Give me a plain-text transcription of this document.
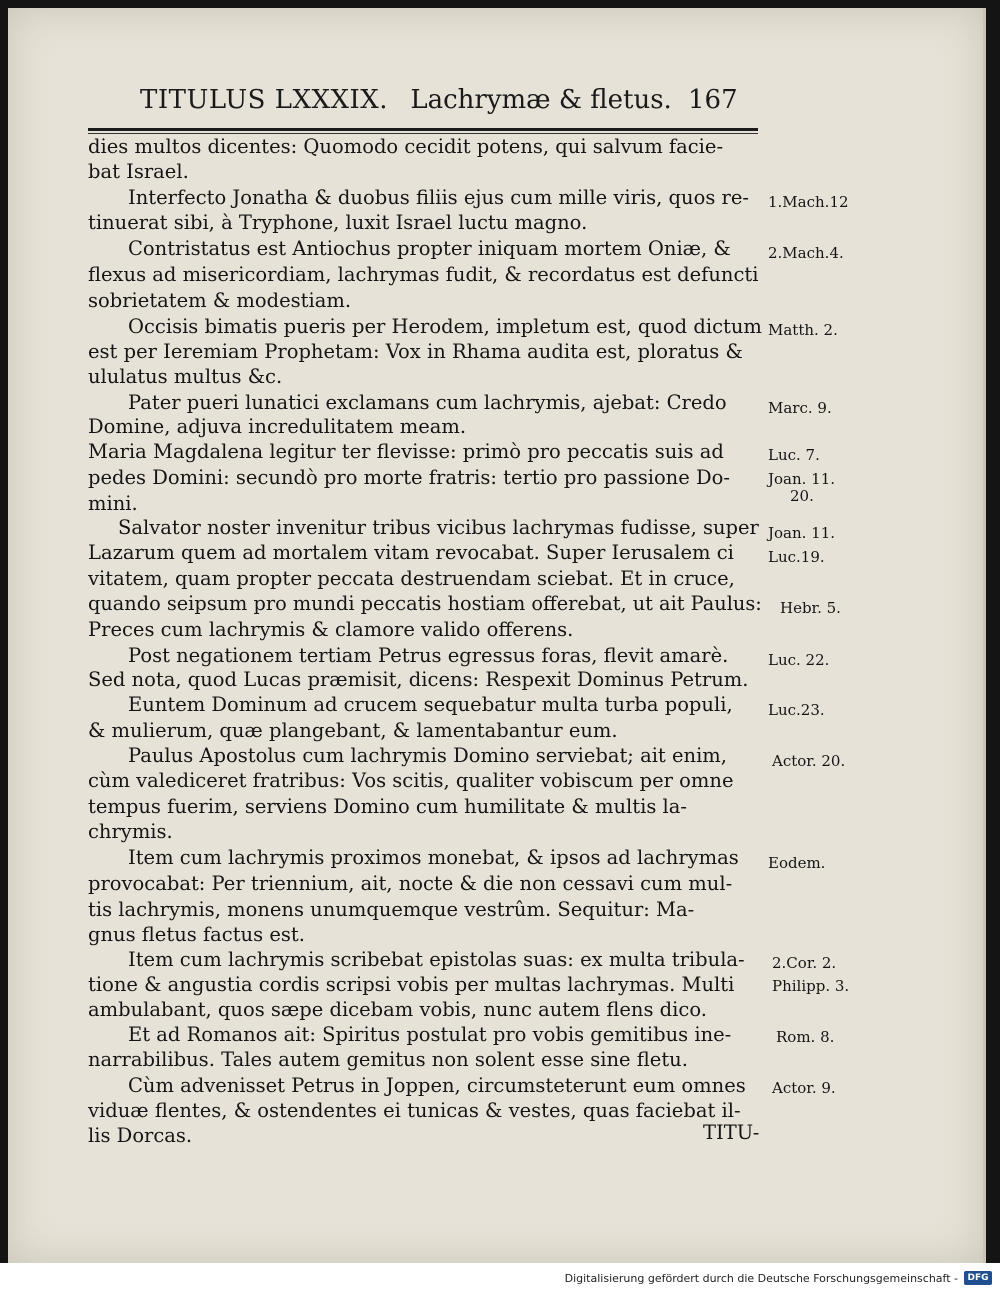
TITULUS LXXXIX. Lachrymæ & fletus. 167
dies multos dicentes: Quomodo cecidit potens, qui salvum facie-
bat Israel.
Interfecto Jonatha & duobus filiis ejus cum mille viris, quos re-
tinuerat sibi, à Tryphone, luxit Israel luctu magno.
Contristatus est Antiochus propter iniquam mortem Oniæ, &
flexus ad misericordiam, lachrymas fudit, & recordatus est defuncti
sobrietatem & modestiam.
Occisis bimatis pueris per Herodem, impletum est, quod dictum
est per Ieremiam Prophetam: Vox in Rhama audita est, ploratus &
ululatus multus &c.
Pater pueri lunatici exclamans cum lachrymis, ajebat: Credo
Domine, adjuva incredulitatem meam.
Maria Magdalena legitur ter flevisse: primò pro peccatis suis ad
pedes Domini: secundò pro morte fratris: tertio pro passione Do-
mini.
Salvator noster invenitur tribus vicibus lachrymas fudisse, super
Lazarum quem ad mortalem vitam revocabat. Super Ierusalem ci
vitatem, quam propter peccata destruendam sciebat. Et in cruce,
quando seipsum pro mundi peccatis hostiam offerebat, ut ait Paulus:
Preces cum lachrymis & clamore valido offerens.
Post negationem tertiam Petrus egressus foras, flevit amarè.
Sed nota, quod Lucas præmisit, dicens: Respexit Dominus Petrum.
Euntem Dominum ad crucem sequebatur multa turba populi,
& mulierum, quæ plangebant, & lamentabantur eum.
Paulus Apostolus cum lachrymis Domino serviebat; ait enim,
cùm valediceret fratribus: Vos scitis, qualiter vobiscum per omne
tempus fuerim, serviens Domino cum humilitate & multis la-
chrymis.
Item cum lachrymis proximos monebat, & ipsos ad lachrymas
provocabat: Per triennium, ait, nocte & die non cessavi cum mul-
tis lachrymis, monens unumquemque vestrûm. Sequitur: Ma-
gnus fletus factus est.
Item cum lachrymis scribebat epistolas suas: ex multa tribula-
tione & angustia cordis scripsi vobis per multas lachrymas. Multi
ambulabant, quos sæpe dicebam vobis, nunc autem flens dico.
Et ad Romanos ait: Spiritus postulat pro vobis gemitibus ine-
narrabilibus. Tales autem gemitus non solent esse sine fletu.
Cùm advenisset Petrus in Joppen, circumsteterunt eum omnes
viduæ flentes, & ostendentes ei tunicas & vestes, quas faciebat il-
lis Dorcas.
1.Mach.12
2.Mach.4.
Matth. 2.
Marc. 9.
Luc. 7.
Joan. 11.
20.
Joan. 11.
Luc.19.
Hebr. 5.
Luc. 22.
Luc.23.
Actor. 20.
Eodem.
2.Cor. 2.
Philipp. 3.
Rom. 8.
Actor. 9.
TITU-
Digitalisierung gefördert durch die Deutsche Forschungsgemeinschaft -	DFG
